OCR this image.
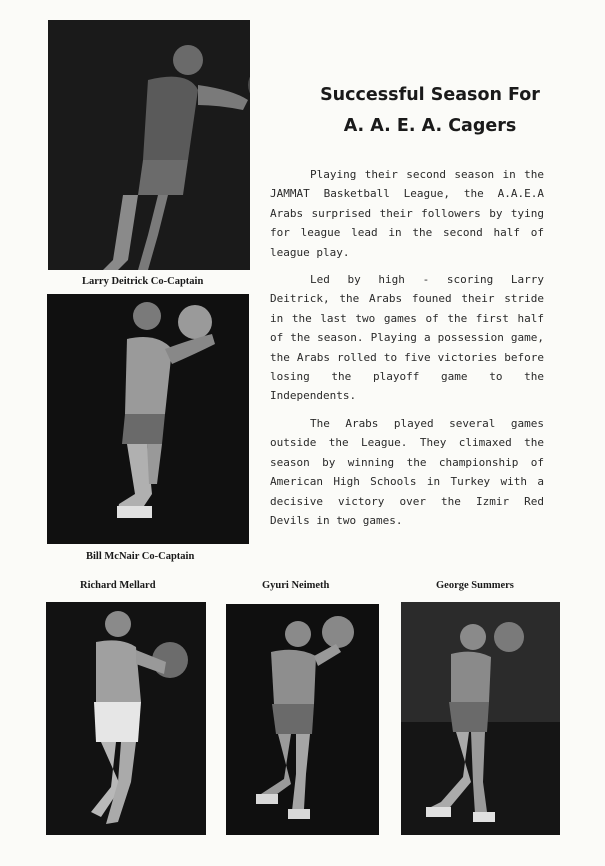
Larry Deitrick Co-Captain
Bill McNair Co-Captain
Successful Season For
A. A. E. A. Cagers

Playing their second season in the JAMMAT Basketball League, the A.A.E.A Arabs surprised their followers by tying for league lead in the second half of league play.

Led by high - scoring Larry Deitrick, the Arabs founed their stride in the last two games of the first half of the season. Playing a possession game, the Arabs rolled to five victories before losing the playoff game to the Independents.

The Arabs played several games outside the League. They climaxed the season by winning the championship of American High Schools in Turkey with a decisive victory over the Izmir Red Devils in two games.

Richard Mellard	Gyuri Neimeth	George Summers
